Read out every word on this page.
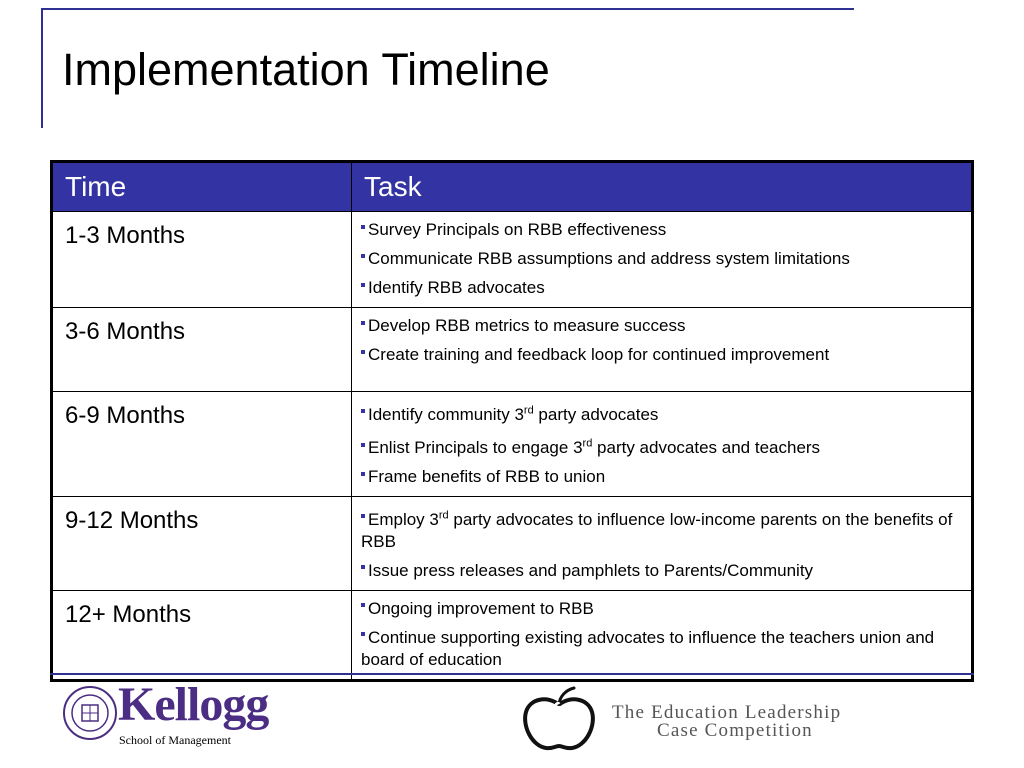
Implementation Timeline
Time	Task
1-3 Months	Survey Principals on RBB effectiveness
Communicate RBB assumptions and address system limitations
Identify RBB advocates

3-6 Months	Develop RBB metrics to measure success
Create training and feedback loop for continued improvement

6-9 Months	Identify community 3rd party advocates
Enlist Principals to engage 3rd party advocates and teachers
Frame benefits of RBB to union

9-12 Months	Employ 3rd party advocates to influence low-income parents on the benefits of RBB
Issue press releases and pamphlets to Parents/Community

12+ Months	Ongoing improvement to RBB
Continue supporting existing advocates to influence the teachers union and board of education
Kellogg
School of Management
The Education Leadership
Case Competition
